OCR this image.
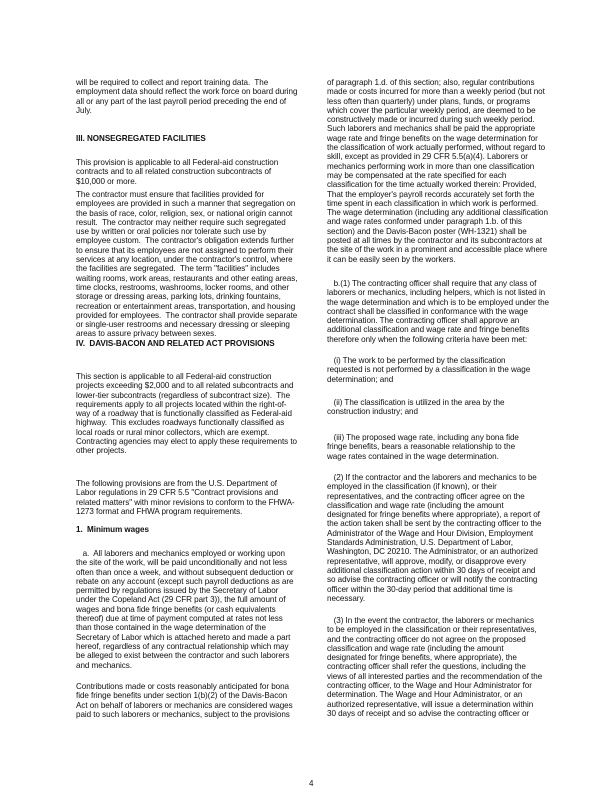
will be required to collect and report training data.  The
employment data should reflect the work force on board during
all or any part of the last payroll period preceding the end of
July.
III. NONSEGREGATED FACILITIES
This provision is applicable to all Federal-aid construction
contracts and to all related construction subcontracts of
$10,000 or more.
The contractor must ensure that facilities provided for
employees are provided in such a manner that segregation on
the basis of race, color, religion, sex, or national origin cannot
result.  The contractor may neither require such segregated
use by written or oral policies nor tolerate such use by
employee custom.  The contractor's obligation extends further
to ensure that its employees are not assigned to perform their
services at any location, under the contractor's control, where
the facilities are segregated.  The term "facilities" includes
waiting rooms, work areas, restaurants and other eating areas,
time clocks, restrooms, washrooms, locker rooms, and other
storage or dressing areas, parking lots, drinking fountains,
recreation or entertainment areas, transportation, and housing
provided for employees.  The contractor shall provide separate
or single-user restrooms and necessary dressing or sleeping
areas to assure privacy between sexes.
IV.  DAVIS-BACON AND RELATED ACT PROVISIONS
This section is applicable to all Federal-aid construction
projects exceeding $2,000 and to all related subcontracts and
lower-tier subcontracts (regardless of subcontract size).  The
requirements apply to all projects located within the right-of-
way of a roadway that is functionally classified as Federal-aid
highway.  This excludes roadways functionally classified as
local roads or rural minor collectors, which are exempt.
Contracting agencies may elect to apply these requirements to
other projects.
The following provisions are from the U.S. Department of
Labor regulations in 29 CFR 5.5 "Contract provisions and
related matters" with minor revisions to conform to the FHWA-
1273 format and FHWA program requirements.
1.  Minimum wages
a.  All laborers and mechanics employed or working upon
the site of the work, will be paid unconditionally and not less
often than once a week, and without subsequent deduction or
rebate on any account (except such payroll deductions as are
permitted by regulations issued by the Secretary of Labor
under the Copeland Act (29 CFR part 3)), the full amount of
wages and bona fide fringe benefits (or cash equivalents
thereof) due at time of payment computed at rates not less
than those contained in the wage determination of the
Secretary of Labor which is attached hereto and made a part
hereof, regardless of any contractual relationship which may
be alleged to exist between the contractor and such laborers
and mechanics.
Contributions made or costs reasonably anticipated for bona
fide fringe benefits under section 1(b)(2) of the Davis-Bacon
Act on behalf of laborers or mechanics are considered wages
paid to such laborers or mechanics, subject to the provisions
of paragraph 1.d. of this section; also, regular contributions
made or costs incurred for more than a weekly period (but not
less often than quarterly) under plans, funds, or programs
which cover the particular weekly period, are deemed to be
constructively made or incurred during such weekly period.
Such laborers and mechanics shall be paid the appropriate
wage rate and fringe benefits on the wage determination for
the classification of work actually performed, without regard to
skill, except as provided in 29 CFR 5.5(a)(4). Laborers or
mechanics performing work in more than one classification
may be compensated at the rate specified for each
classification for the time actually worked therein: Provided,
That the employer's payroll records accurately set forth the
time spent in each classification in which work is performed.
The wage determination (including any additional classification
and wage rates conformed under paragraph 1.b. of this
section) and the Davis-Bacon poster (WH-1321) shall be
posted at all times by the contractor and its subcontractors at
the site of the work in a prominent and accessible place where
it can be easily seen by the workers.
b.(1) The contracting officer shall require that any class of
laborers or mechanics, including helpers, which is not listed in
the wage determination and which is to be employed under the
contract shall be classified in conformance with the wage
determination. The contracting officer shall approve an
additional classification and wage rate and fringe benefits
therefore only when the following criteria have been met:
(i) The work to be performed by the classification
requested is not performed by a classification in the wage
determination; and
(ii) The classification is utilized in the area by the
construction industry; and
(iii) The proposed wage rate, including any bona fide
fringe benefits, bears a reasonable relationship to the
wage rates contained in the wage determination.
(2) If the contractor and the laborers and mechanics to be
employed in the classification (if known), or their
representatives, and the contracting officer agree on the
classification and wage rate (including the amount
designated for fringe benefits where appropriate), a report of
the action taken shall be sent by the contracting officer to the
Administrator of the Wage and Hour Division, Employment
Standards Administration, U.S. Department of Labor,
Washington, DC 20210. The Administrator, or an authorized
representative, will approve, modify, or disapprove every
additional classification action within 30 days of receipt and
so advise the contracting officer or will notify the contracting
officer within the 30-day period that additional time is
necessary.
(3) In the event the contractor, the laborers or mechanics
to be employed in the classification or their representatives,
and the contracting officer do not agree on the proposed
classification and wage rate (including the amount
designated for fringe benefits, where appropriate), the
contracting officer shall refer the questions, including the
views of all interested parties and the recommendation of the
contracting officer, to the Wage and Hour Administrator for
determination. The Wage and Hour Administrator, or an
authorized representative, will issue a determination within
30 days of receipt and so advise the contracting officer or
4
